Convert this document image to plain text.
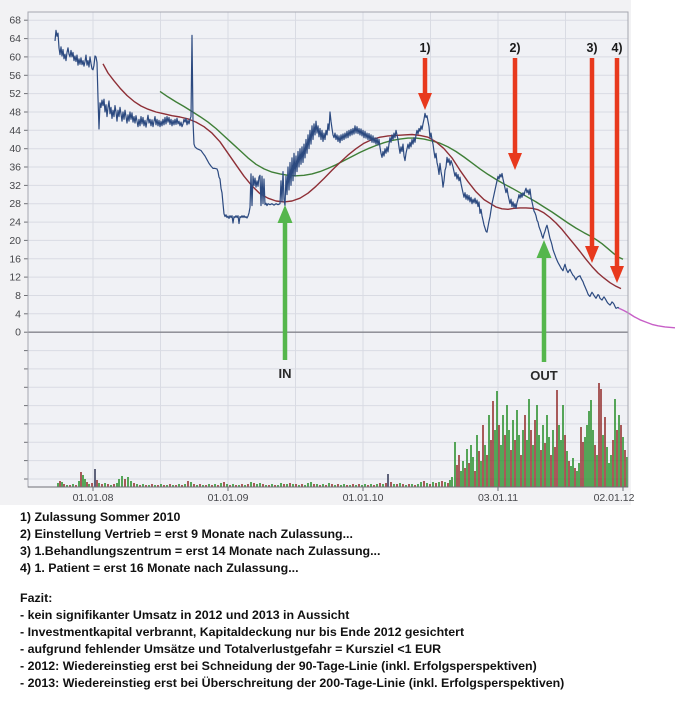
68
64
60
56
52
48
44
40
36
32
28
24
20
16
12
8
4
0
01.01.08	01.01.09	01.01.10	03.01.11	02.01.12
1)	2)	3) 4)
IN	OUT
1) Zulassung Sommer 2010
2) Einstellung Vertrieb = erst 9 Monate nach Zulassung...
3) 1.Behandlungszentrum = erst 14 Monate nach Zulassung...
4) 1. Patient = erst 16 Monate nach Zulassung...
Fazit:
- kein signifikanter Umsatz in 2012 und 2013 in Aussicht
- Investmentkapital verbrannt, Kapitaldeckung nur bis Ende 2012 gesichtert
- aufgrund fehlender Umsätze und Totalverlustgefahr = Kursziel <1 EUR
- 2012: Wiedereinstieg erst bei Schneidung der 90-Tage-Linie (inkl. Erfolgsperspektiven)
- 2013: Wiedereinstieg erst bei Überschreitung der 200-Tage-Linie (inkl. Erfolgsperspektiven)
